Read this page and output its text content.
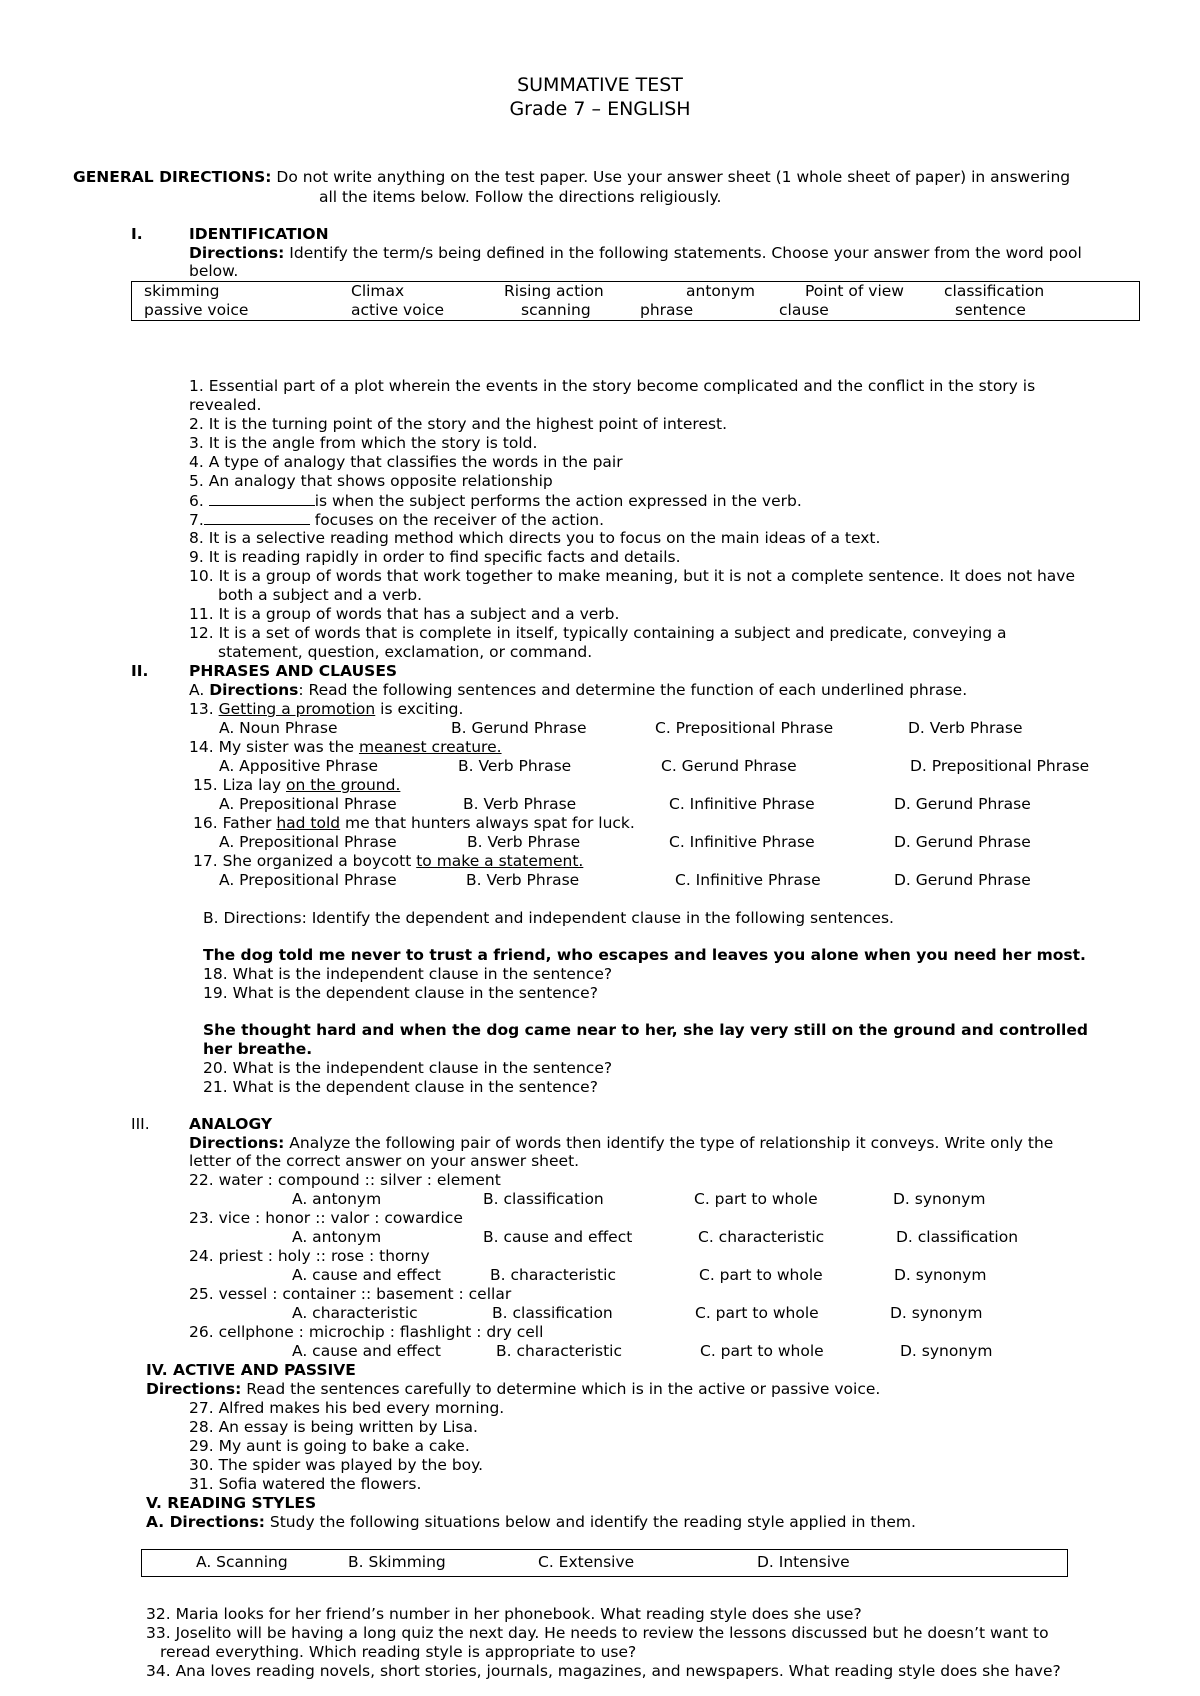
SUMMATIVE TEST
Grade 7 – ENGLISH
GENERAL DIRECTIONS: Do not write anything on the test paper. Use your answer sheet (1 whole sheet of paper) in answering
all the items below. Follow the directions religiously.
I.	IDENTIFICATION
Directions: Identify the term/s being defined in the following statements. Choose your answer from the word pool
below.
skimming	Climax	Rising action	antonym	Point of view	classification
passive voice	active voice	scanning	phrase	clause	sentence
1. Essential part of a plot wherein the events in the story become complicated and the conflict in the story is
revealed.
2. It is the turning point of the story and the highest point of interest.
3. It is the angle from which the story is told.
4. A type of analogy that classifies the words in the pair
5. An analogy that shows opposite relationship
6.	is when the subject performs the action expressed in the verb.
7.	focuses on the receiver of the action.
8. It is a selective reading method which directs you to focus on the main ideas of a text.
9. It is reading rapidly in order to find specific facts and details.
10. It is a group of words that work together to make meaning, but it is not a complete sentence. It does not have
both a subject and a verb.
11. It is a group of words that has a subject and a verb.
12. It is a set of words that is complete in itself, typically containing a subject and predicate, conveying a
statement, question, exclamation, or command.
II.	PHRASES AND CLAUSES
A. Directions: Read the following sentences and determine the function of each underlined phrase.
13. Getting a promotion is exciting.
A. Noun Phrase	B. Gerund Phrase	C. Prepositional Phrase	D. Verb Phrase
14. My sister was the meanest creature.
A. Appositive Phrase	B. Verb Phrase	C. Gerund Phrase	D. Prepositional Phrase
15. Liza lay on the ground.
A. Prepositional Phrase	B. Verb Phrase	C. Infinitive Phrase	D. Gerund Phrase
16. Father had told me that hunters always spat for luck.
A. Prepositional Phrase	B. Verb Phrase	C. Infinitive Phrase	D. Gerund Phrase
17. She organized a boycott to make a statement.
A. Prepositional Phrase	B. Verb Phrase	C. Infinitive Phrase	D. Gerund Phrase
B. Directions: Identify the dependent and independent clause in the following sentences.
The dog told me never to trust a friend, who escapes and leaves you alone when you need her most.
18. What is the independent clause in the sentence?
19. What is the dependent clause in the sentence?
She thought hard and when the dog came near to her, she lay very still on the ground and controlled
her breathe.
20. What is the independent clause in the sentence?
21. What is the dependent clause in the sentence?
III.	ANALOGY
Directions: Analyze the following pair of words then identify the type of relationship it conveys. Write only the
letter of the correct answer on your answer sheet.
22. water : compound :: silver : element
A. antonym	B. classification	C. part to whole	D. synonym
23. vice : honor :: valor : cowardice
A. antonym	B. cause and effect	C. characteristic	D. classification
24. priest : holy :: rose : thorny
A. cause and effect	B. characteristic	C. part to whole	D. synonym
25. vessel : container :: basement : cellar
A. characteristic	B. classification	C. part to whole	D. synonym
26. cellphone : microchip : flashlight : dry cell
A. cause and effect	B. characteristic	C. part to whole	D. synonym
IV. ACTIVE AND PASSIVE
Directions: Read the sentences carefully to determine which is in the active or passive voice.
27. Alfred makes his bed every morning.
28. An essay is being written by Lisa.
29. My aunt is going to bake a cake.
30. The spider was played by the boy.
31. Sofia watered the flowers.
V. READING STYLES
A. Directions: Study the following situations below and identify the reading style applied in them.
A. Scanning	B. Skimming	C. Extensive	D. Intensive
32. Maria looks for her friend’s number in her phonebook. What reading style does she use?
33. Joselito will be having a long quiz the next day. He needs to review the lessons discussed but he doesn’t want to
reread everything. Which reading style is appropriate to use?
34. Ana loves reading novels, short stories, journals, magazines, and newspapers. What reading style does she have?
